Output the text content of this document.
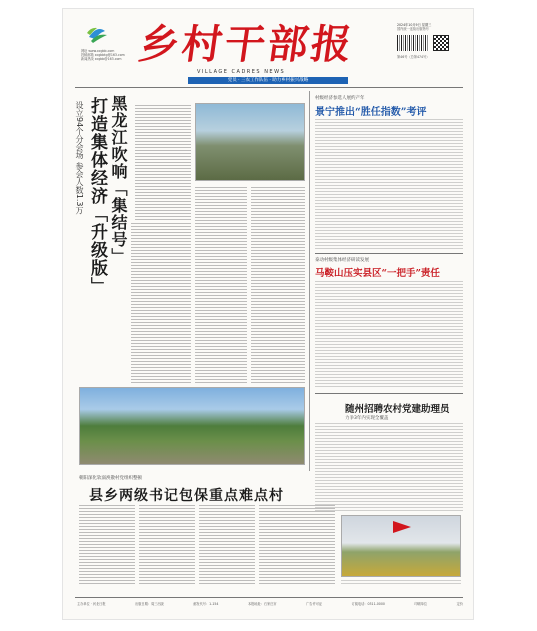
网址 www.xcgbb.com
投稿邮箱 xcgbbtg@163.com
新闻热线 xcgbb@163.com 乡村干部报
VILLAGE CADRES NEWS
2024年10月9日 星期三
国内统一连续出版物号
第46号（总第474号）
党员 · 三农工作队伍 · 助力乡村振兴战略
黑龙江吹响「集结号」
打造集体经济「升级版」
设立94个分会场 参会人数1.3万
村级经济参选人展约产年
景宁推出“胜任指数”考评
泰动村级集体经济研读发展
马鞍山压实县区“一把手”责任
随州招聘农村党建助理员
力争3年内实现全覆盖
朝阳深化软弱涣散村党组织整顿
县乡两级书记包保重点难点村
主办单位 · 河北日报	出版日期：周三出版	邮发代号：1-154	本报地址：石家庄市	广告许可证	订阅电话：0311-0000	印刷单位	定价
